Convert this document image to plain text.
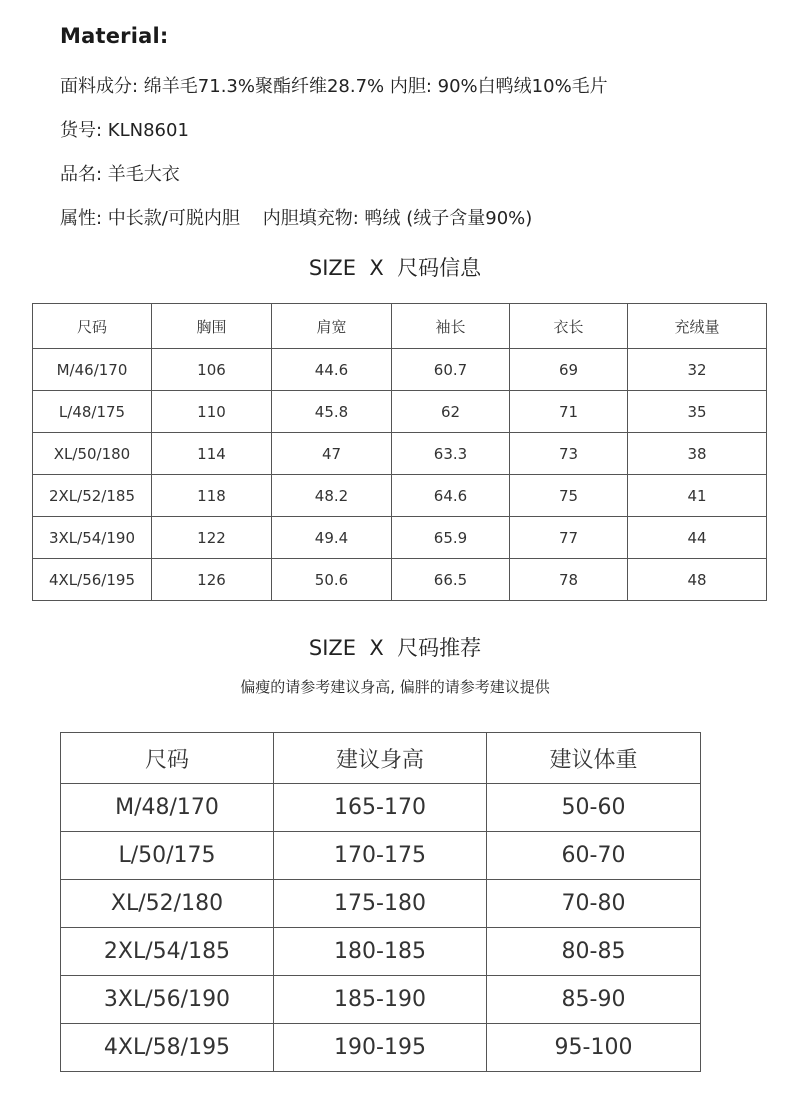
Material:
面料成分: 绵羊毛71.3%聚酯纤维28.7% 内胆: 90%白鸭绒10%毛片
货号: KLN8601
品名: 羊毛大衣
属性: 中长款/可脱内胆    内胆填充物: 鸭绒 (绒子含量90%)
SIZE  X  尺码信息
尺码	胸围	肩宽	袖长	衣长	充绒量
M/46/170	106	44.6	60.7	69	32
L/48/175	110	45.8	62	71	35
XL/50/180	114	47	63.3	73	38
2XL/52/185	118	48.2	64.6	75	41
3XL/54/190	122	49.4	65.9	77	44
4XL/56/195	126	50.6	66.5	78	48
SIZE  X  尺码推荐
偏瘦的请参考建议身高, 偏胖的请参考建议提供
尺码	建议身高	建议体重
M/48/170	165-170	50-60
L/50/175	170-175	60-70
XL/52/180	175-180	70-80
2XL/54/185	180-185	80-85
3XL/56/190	185-190	85-90
4XL/58/195	190-195	95-100
